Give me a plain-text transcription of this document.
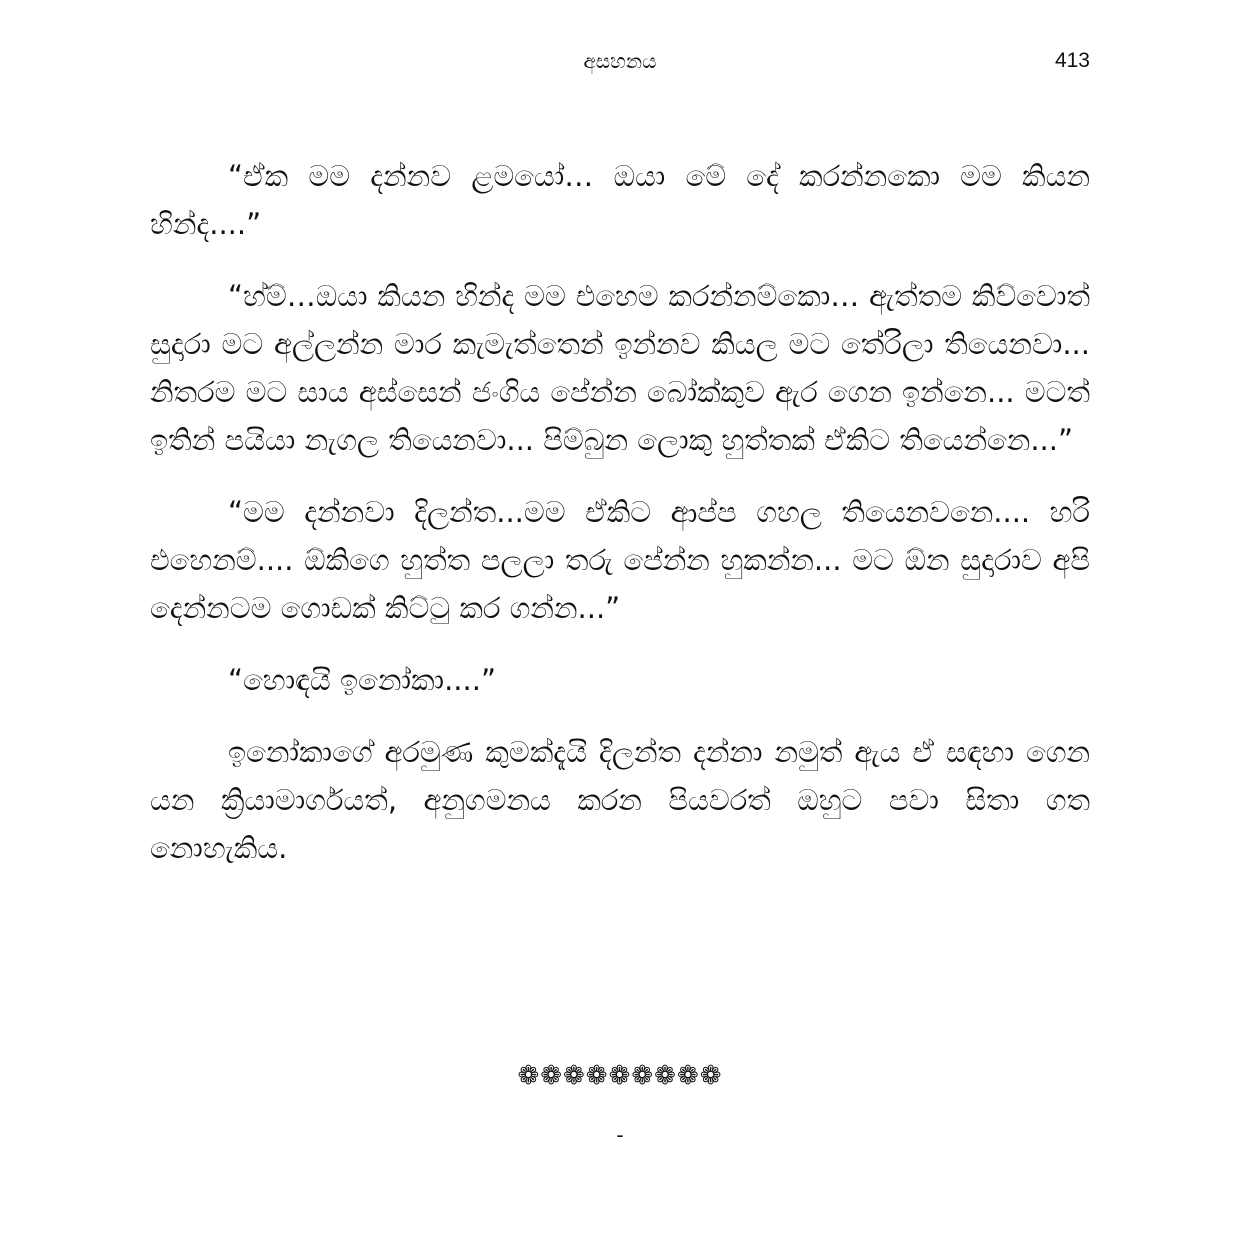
අසහනය	413

“ඒක මම දන්නව ළමයෝ… ඔයා මේ දේ කරන්නකො මම කියන හින්ද....”

“හ්ම්…ඔයා කියන හින්ද මම එහෙම කරන්නම්කො… ඇත්තම කිව්වොත් සුදාරා මට අල්ලන්න මාර කැමැත්තෙන් ඉන්නව කියල මට තේරිලා තියෙනවා... නිතරම මට සාය අස්සෙන් ජංගිය පේන්න බෝක්කුව ඇර ගෙන ඉන්නෙ... මටත් ඉතින් පයියා නැගල තියෙනවා... පිම්බුන ලොකු හුත්තක් ඒකිට තියෙන්නෙ...”

“මම දන්නවා දිලන්ත...මම ඒකිට ආප්ප ගහල තියෙනවනෙ.... හරි එහෙනම්.... ඕකිගෙ හුත්ත පලලා තරු පේන්න හුකන්න... මට ඕන සුදාරාව අපි දෙන්නටම ගොඩක් කිට්ටු කර ගන්න...”

“හොඳයි ඉනෝකා....”

ඉනෝකාගේ අරමුණ කුමක්දැයි දිලන්ත දන්නා නමුත් ඇය ඒ සඳහා ගෙන යන ක්‍රියාමාර්ගයත්, අනුගමනය කරන පියවරත් ඔහුට පවා සිතා ගත නොහැකිය.

❁❁❁❁❁❁❁❁❁
-
